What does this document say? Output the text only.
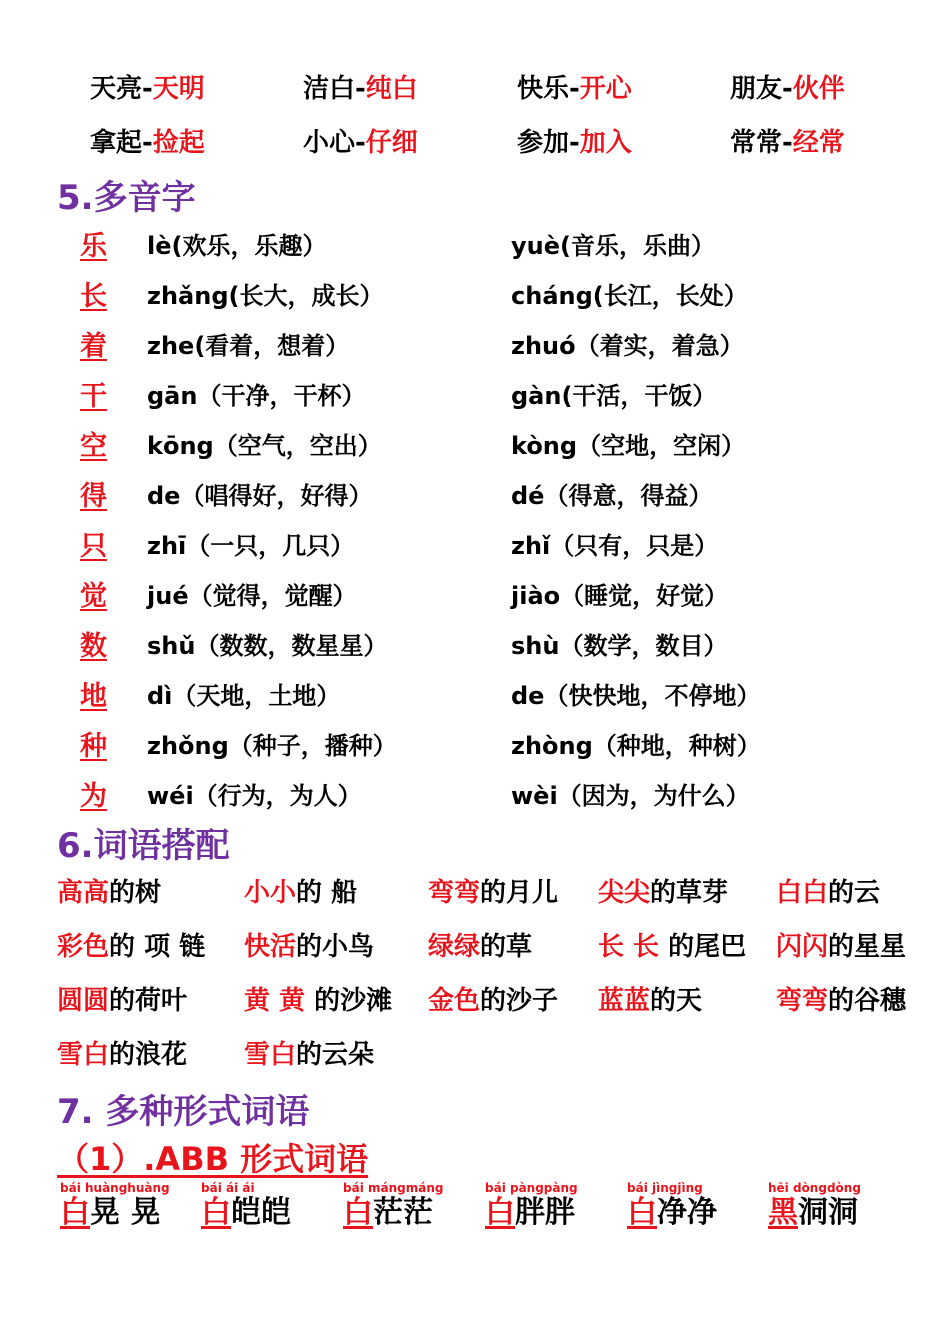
天亮-天明	洁白-纯白	快乐-开心	朋友-伙伴
拿起-捡起	小心-仔细	参加-加入	常常-经常
5.多音字
乐 lè(欢乐，乐趣）	yuè(音乐，乐曲）
长 zhǎng(长大，成长）	cháng(长江，长处）
着 zhe(看着，想着）	zhuó（着实，着急）
干 gān（干净，干杯）	gàn(干活，干饭）
空 kōng（空气，空出）	kòng（空地，空闲）
得 de（唱得好，好得）	dé（得意，得益）
只 zhī（一只，几只）	zhǐ（只有，只是）
觉 jué（觉得，觉醒）	jiào（睡觉，好觉）
数 shǔ（数数，数星星）	shù（数学，数目）
地 dì（天地，土地）	de（快快地，不停地）
种 zhǒng（种子，播种）	zhòng（种地，种树）
为 wéi（行为，为人）	wèi（因为，为什么）
6.词语搭配
高高的树	小小的 船	弯弯的月儿 尖尖的草芽 白白的云
彩色的 项 链 快活的小鸟 绿绿的草	长 长 的尾巴 闪闪的星星
圆圆的荷叶 黄 黄 的沙滩 金色的沙子 蓝蓝的天	弯弯的谷穗
雪白的浪花 雪白的云朵
7. 多种形式词语
（1）.ABB 形式词语
bái huànghuàng
白晃 晃
bái ái ái
白皑皑
bái mángmáng
白茫茫
bái pàngpàng
白胖胖
bái jìngjìng
白净净
hēi dòngdòng
黑洞洞
